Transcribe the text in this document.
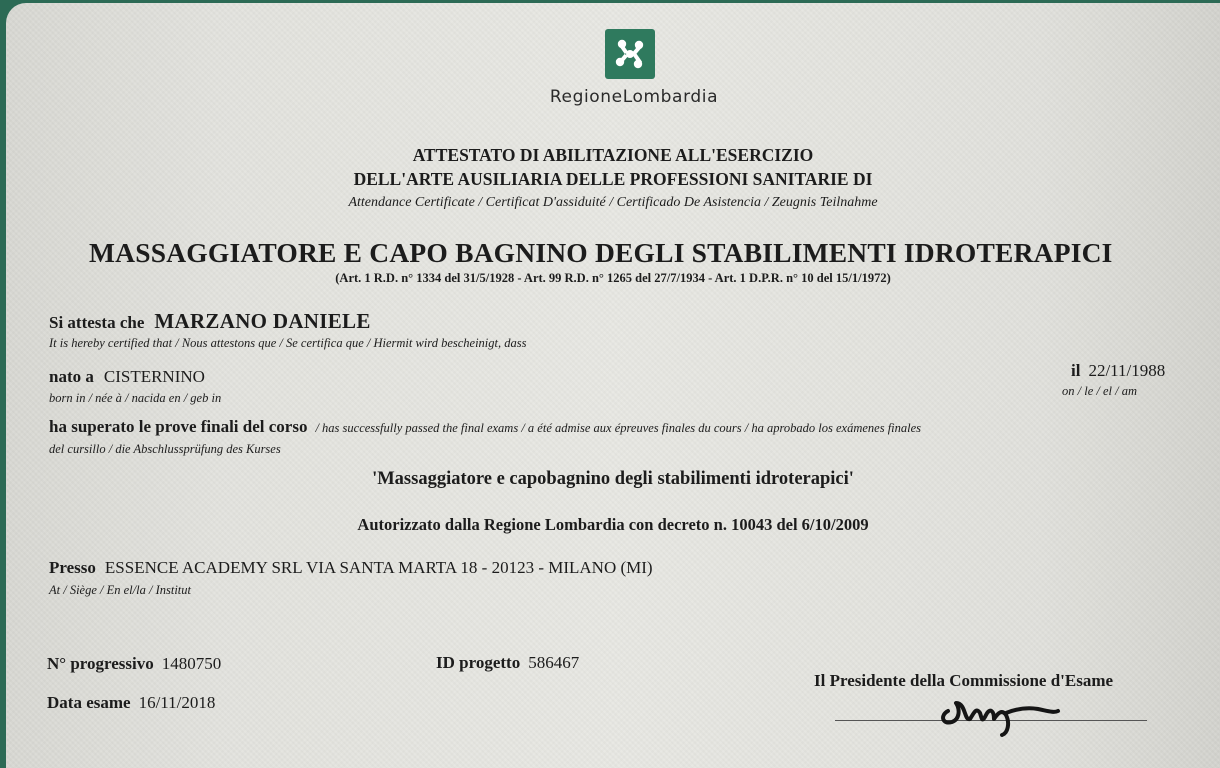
RegioneLombardia
ATTESTATO DI ABILITAZIONE ALL'ESERCIZIO
DELL'ARTE AUSILIARIA DELLE PROFESSIONI SANITARIE DI
Attendance Certificate / Certificat D'assiduité / Certificado De Asistencia / Zeugnis Teilnahme
MASSAGGIATORE E CAPO BAGNINO DEGLI STABILIMENTI IDROTERAPICI
(Art. 1 R.D. n° 1334 del 31/5/1928 - Art. 99 R.D. n° 1265 del 27/7/1934 - Art. 1 D.P.R. n° 10 del 15/1/1972)
Si attesta che MARZANO DANIELE
It is hereby certified that / Nous attestons que / Se certifica que / Hiermit wird bescheinigt, dass
nato a CISTERNINO
born in / née à / nacida en / geb in
il 22/11/1988
on / le / el / am
ha superato le prove finali del corso / has successfully passed the final exams / a été admise aux épreuves finales du cours / ha aprobado los exámenes finales
del cursillo / die Abschlussprüfung des Kurses
'Massaggiatore e capobagnino degli stabilimenti idroterapici'
Autorizzato dalla Regione Lombardia con decreto n. 10043 del 6/10/2009
Presso ESSENCE ACADEMY SRL VIA SANTA MARTA 18 - 20123 - MILANO (MI)
At / Siège / En el/la / Institut
N° progressivo 1480750	ID progetto 586467
Data esame 16/11/2018
Il Presidente della Commissione d'Esame
